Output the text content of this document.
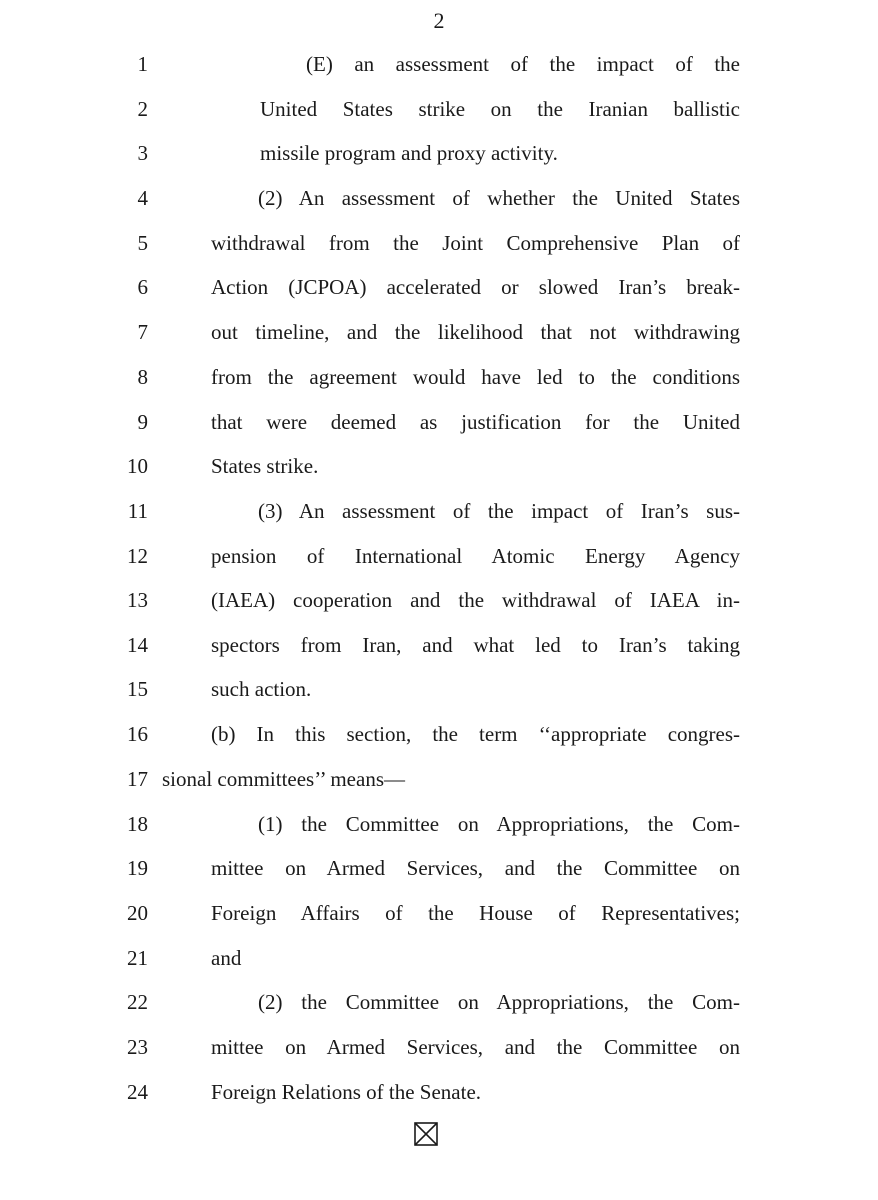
2
1	(E) an assessment of the impact of the
2	United States strike on the Iranian ballistic
3	missile program and proxy activity.
4	(2) An assessment of whether the United States
5	withdrawal from the Joint Comprehensive Plan of
6	Action (JCPOA) accelerated or slowed Iran’s break-
7	out timeline, and the likelihood that not withdrawing
8	from the agreement would have led to the conditions
9	that were deemed as justification for the United
10	States strike.
11	(3) An assessment of the impact of Iran’s sus-
12	pension of International Atomic Energy Agency
13	(IAEA) cooperation and the withdrawal of IAEA in-
14	spectors from Iran, and what led to Iran’s taking
15	such action.
16	(b) In this section, the term ‘‘appropriate congres-
17 sional committees’’ means—
18	(1) the Committee on Appropriations, the Com-
19	mittee on Armed Services, and the Committee on
20	Foreign Affairs of the House of Representatives;
21	and
22	(2) the Committee on Appropriations, the Com-
23	mittee on Armed Services, and the Committee on
24	Foreign Relations of the Senate.
